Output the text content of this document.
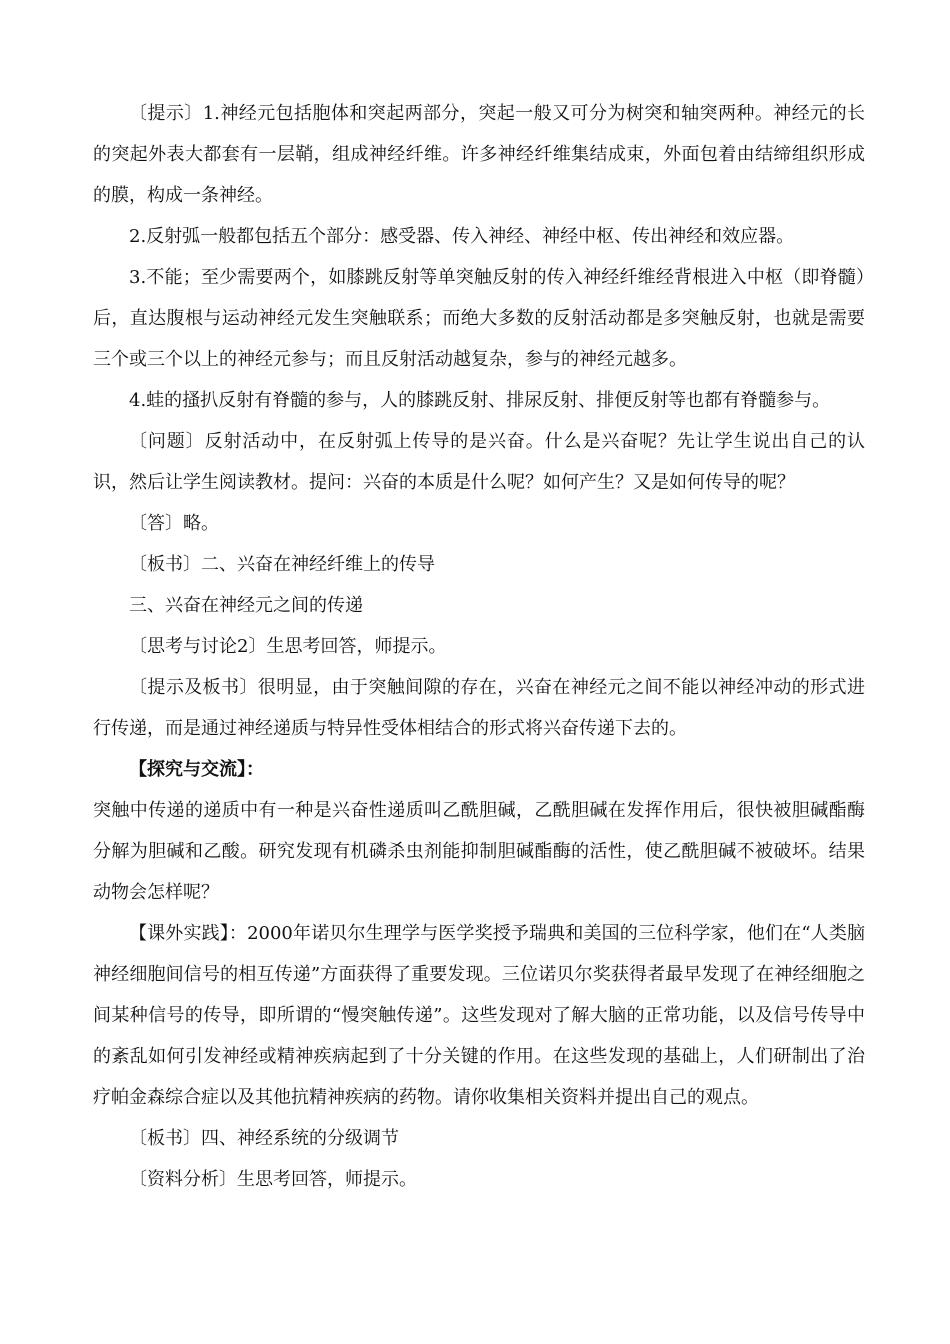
〔提示〕1.神经元包括胞体和突起两部分，突起一般又可分为树突和轴突两种。神经元的长的突起外表大都套有一层鞘，组成神经纤维。许多神经纤维集结成束，外面包着由结缔组织形成的膜，构成一条神经。

2.反射弧一般都包括五个部分：感受器、传入神经、神经中枢、传出神经和效应器。

3.不能；至少需要两个，如膝跳反射等单突触反射的传入神经纤维经背根进入中枢（即脊髓）后，直达腹根与运动神经元发生突触联系；而绝大多数的反射活动都是多突触反射，也就是需要三个或三个以上的神经元参与；而且反射活动越复杂，参与的神经元越多。

4.蛙的搔扒反射有脊髓的参与，人的膝跳反射、排尿反射、排便反射等也都有脊髓参与。

〔问题〕反射活动中，在反射弧上传导的是兴奋。什么是兴奋呢？先让学生说出自己的认识，然后让学生阅读教材。提问：兴奋的本质是什么呢？如何产生？又是如何传导的呢？

〔答〕略。

〔板书〕二、兴奋在神经纤维上的传导

三、兴奋在神经元之间的传递

〔思考与讨论2〕生思考回答，师提示。

〔提示及板书〕很明显，由于突触间隙的存在，兴奋在神经元之间不能以神经冲动的形式进行传递，而是通过神经递质与特异性受体相结合的形式将兴奋传递下去的。

【探究与交流】：

突触中传递的递质中有一种是兴奋性递质叫乙酰胆碱，乙酰胆碱在发挥作用后，很快被胆碱酯酶分解为胆碱和乙酸。研究发现有机磷杀虫剂能抑制胆碱酯酶的活性，使乙酰胆碱不被破坏。结果动物会怎样呢？

【课外实践】：2000年诺贝尔生理学与医学奖授予瑞典和美国的三位科学家，他们在“人类脑神经细胞间信号的相互传递”方面获得了重要发现。三位诺贝尔奖获得者最早发现了在神经细胞之间某种信号的传导，即所谓的“慢突触传递”。这些发现对了解大脑的正常功能，以及信号传导中的紊乱如何引发神经或精神疾病起到了十分关键的作用。在这些发现的基础上，人们研制出了治疗帕金森综合症以及其他抗精神疾病的药物。请你收集相关资料并提出自己的观点。

〔板书〕四、神经系统的分级调节

〔资料分析〕生思考回答，师提示。
